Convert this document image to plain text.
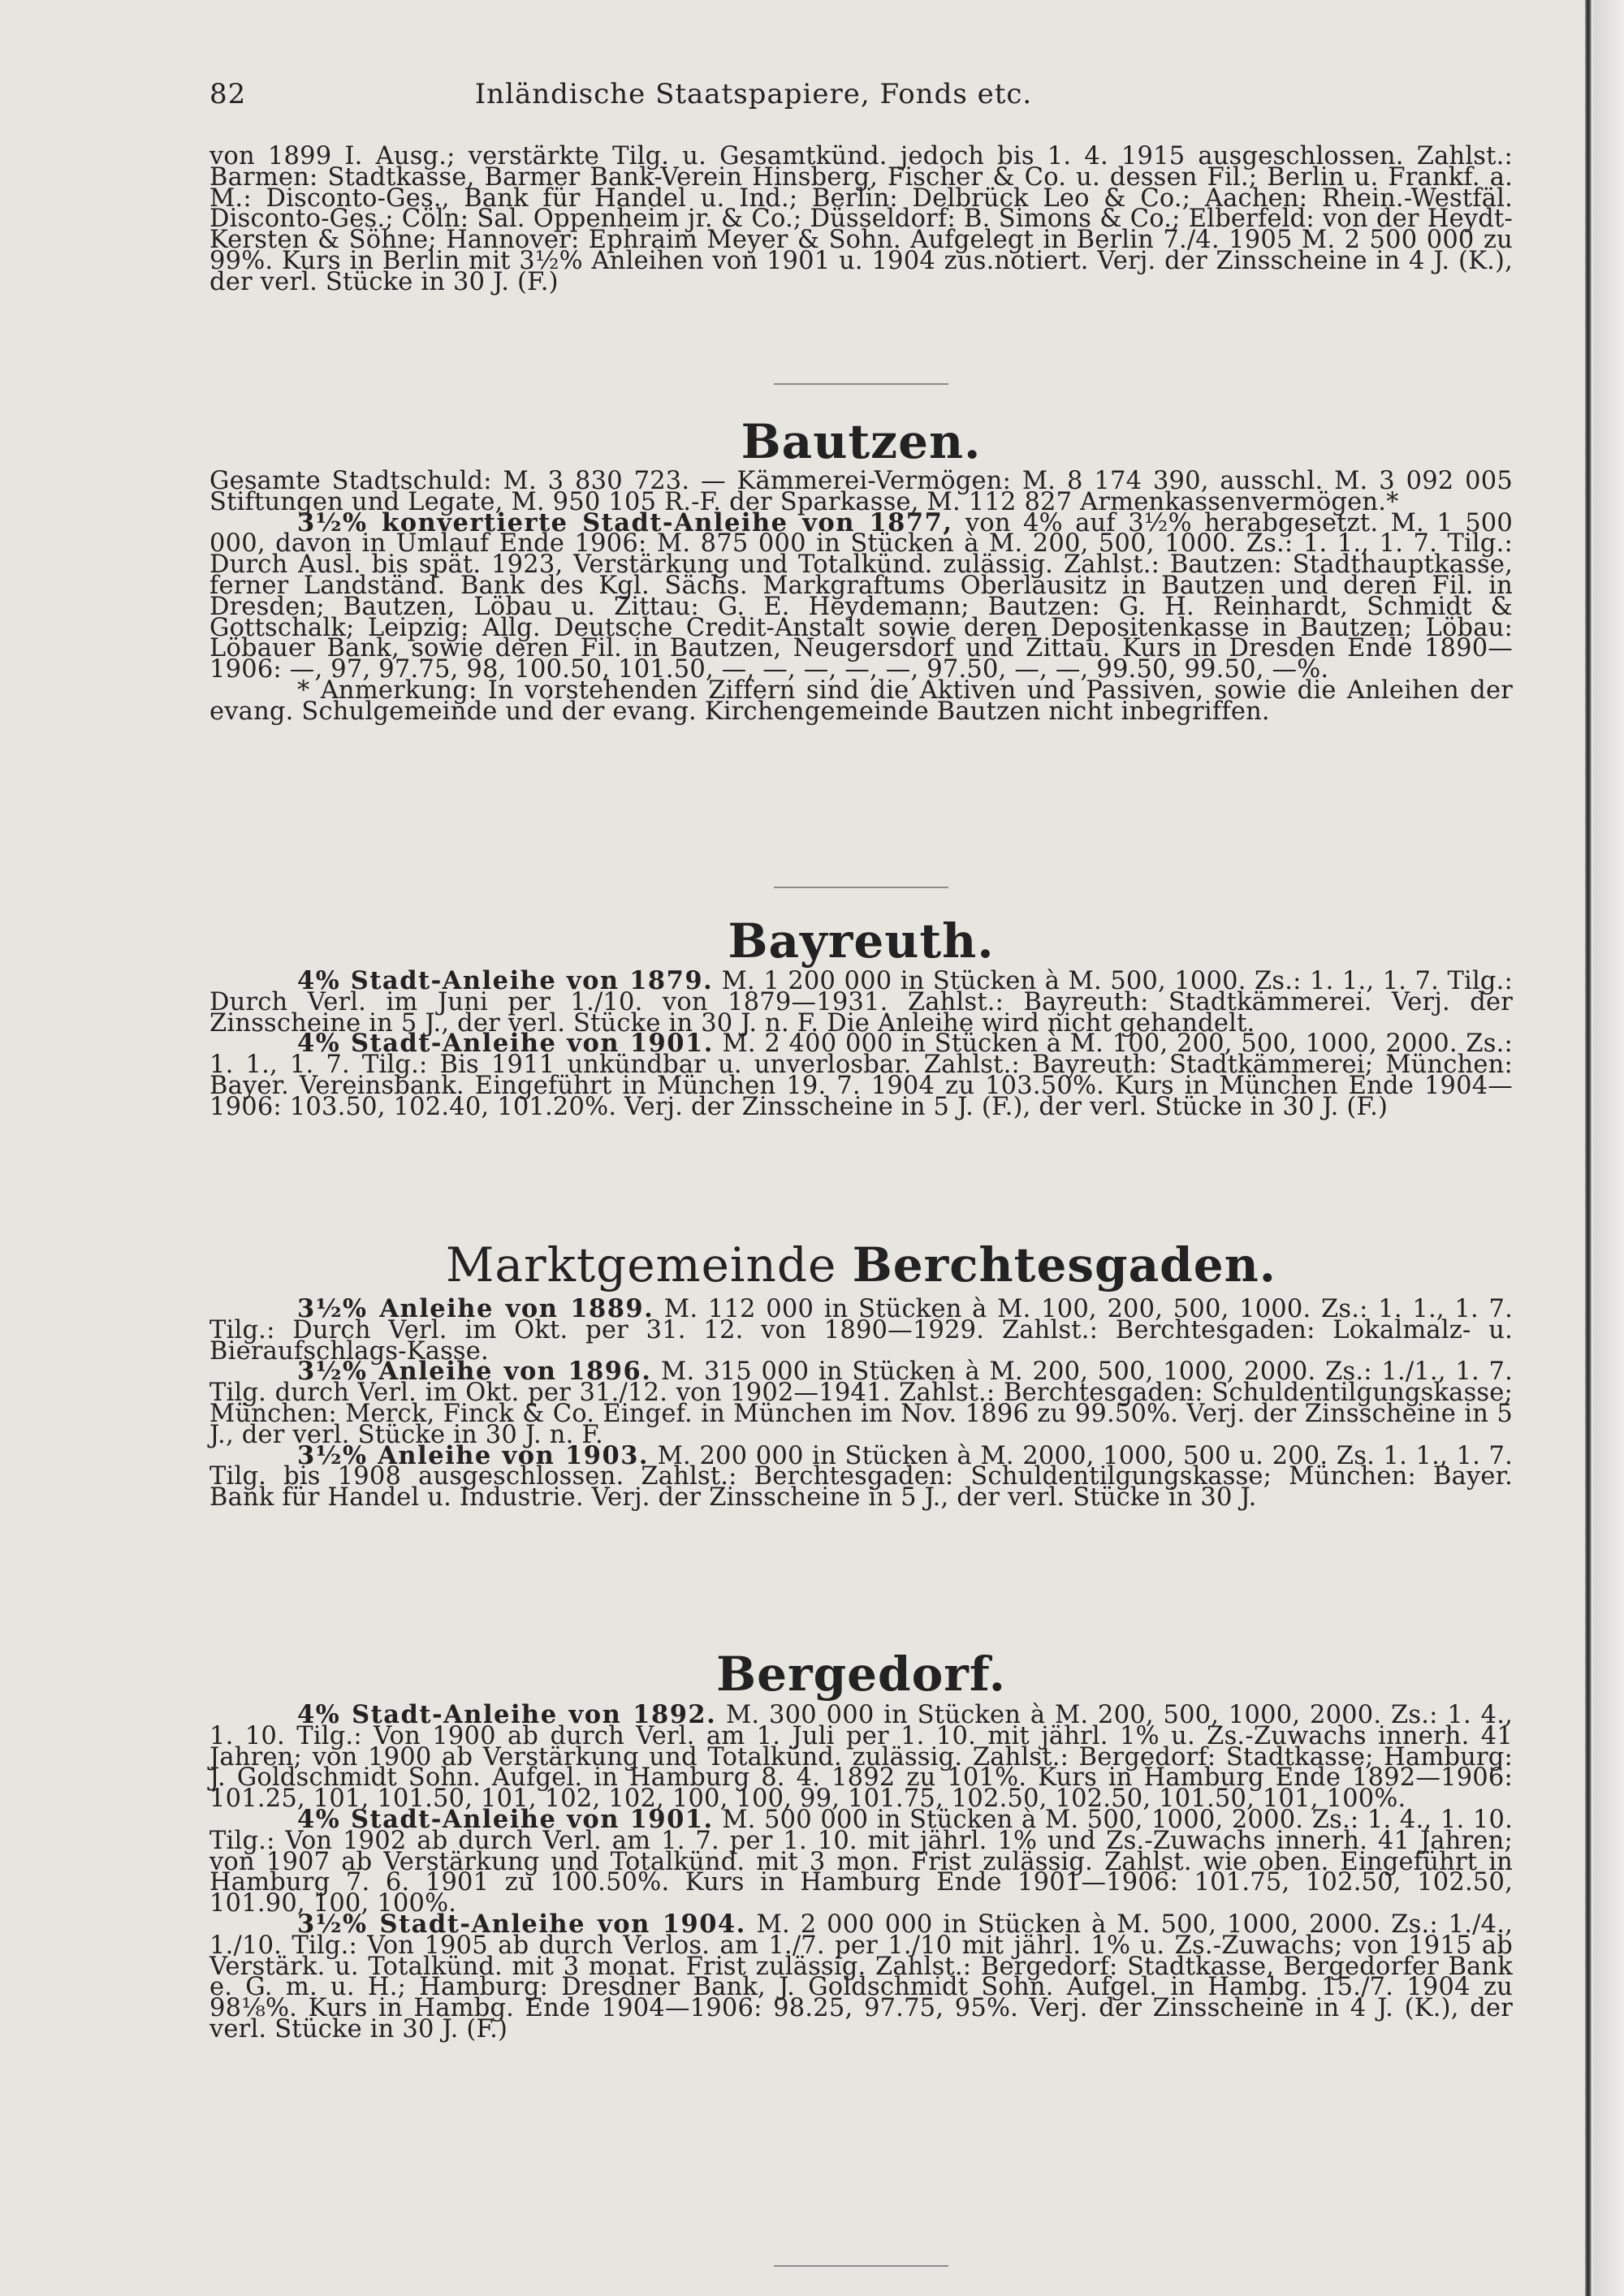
82	Inländische Staatspapiere, Fonds etc.

von 1899 I. Ausg.; verstärkte Tilg. u. Gesamtkünd. jedoch bis 1. 4. 1915 ausgeschlossen. Zahlst.: Barmen: Stadtkasse, Barmer Bank-Verein Hinsberg, Fischer & Co. u. dessen Fil.; Berlin u. Frankf. a. M.: Disconto-Ges., Bank für Handel u. Ind.; Berlin: Delbrück Leo & Co.; Aachen: Rhein.-Westfäl. Disconto-Ges.; Cöln: Sal. Oppenheim jr. & Co.; Düsseldorf: B. Simons & Co.; Elberfeld: von der Heydt-Kersten & Söhne; Hannover: Ephraim Meyer & Sohn. Aufgelegt in Berlin 7./4. 1905 M. 2 500 000 zu 99%. Kurs in Berlin mit 3½% Anleihen von 1901 u. 1904 zus.notiert. Verj. der Zinsscheine in 4 J. (K.), der verl. Stücke in 30 J. (F.)

Bautzen.

Gesamte Stadtschuld: M. 3 830 723. — Kämmerei-Vermögen: M. 8 174 390, ausschl. M. 3 092 005 Stiftungen und Legate, M. 950 105 R.-F. der Sparkasse, M. 112 827 Armenkassenvermögen.*

3½% konvertierte Stadt-Anleihe von 1877, von 4% auf 3½% herabgesetzt. M. 1 500 000, davon in Umlauf Ende 1906: M. 875 000 in Stücken à M. 200, 500, 1000. Zs.: 1. 1., 1. 7. Tilg.: Durch Ausl. bis spät. 1923, Verstärkung und Totalkünd. zulässig. Zahlst.: Bautzen: Stadthauptkasse, ferner Landständ. Bank des Kgl. Sächs. Markgraftums Oberlausitz in Bautzen und deren Fil. in Dresden; Bautzen, Löbau u. Zittau: G. E. Heydemann; Bautzen: G. H. Reinhardt, Schmidt & Gottschalk; Leipzig: Allg. Deutsche Credit-Anstalt sowie deren Depositenkasse in Bautzen; Löbau: Löbauer Bank, sowie deren Fil. in Bautzen, Neugersdorf und Zittau. Kurs in Dresden Ende 1890—1906: —, 97, 97.75, 98, 100.50, 101.50, —, —, —, —, —, 97.50, —, —, 99.50, 99.50, —%.

* Anmerkung: In vorstehenden Ziffern sind die Aktiven und Passiven, sowie die Anleihen der evang. Schulgemeinde und der evang. Kirchengemeinde Bautzen nicht inbegriffen.

Bayreuth.

4% Stadt-Anleihe von 1879. M. 1 200 000 in Stücken à M. 500, 1000. Zs.: 1. 1., 1. 7. Tilg.: Durch Verl. im Juni per 1./10. von 1879—1931. Zahlst.: Bayreuth: Stadtkämmerei. Verj. der Zinsscheine in 5 J., der verl. Stücke in 30 J. n. F. Die Anleihe wird nicht gehandelt.

4% Stadt-Anleihe von 1901. M. 2 400 000 in Stücken à M. 100, 200, 500, 1000, 2000. Zs.: 1. 1., 1. 7. Tilg.: Bis 1911 unkündbar u. unverlosbar. Zahlst.: Bayreuth: Stadtkämmerei; München: Bayer. Vereinsbank. Eingeführt in München 19. 7. 1904 zu 103.50%. Kurs in München Ende 1904—1906: 103.50, 102.40, 101.20%. Verj. der Zinsscheine in 5 J. (F.), der verl. Stücke in 30 J. (F.)

Marktgemeinde Berchtesgaden.

3½% Anleihe von 1889. M. 112 000 in Stücken à M. 100, 200, 500, 1000. Zs.: 1. 1., 1. 7. Tilg.: Durch Verl. im Okt. per 31. 12. von 1890—1929. Zahlst.: Berchtesgaden: Lokalmalz- u. Bieraufschlags-Kasse.

3½% Anleihe von 1896. M. 315 000 in Stücken à M. 200, 500, 1000, 2000. Zs.: 1./1., 1. 7. Tilg. durch Verl. im Okt. per 31./12. von 1902—1941. Zahlst.: Berchtesgaden: Schuldentilgungskasse; München: Merck, Finck & Co. Eingef. in München im Nov. 1896 zu 99.50%. Verj. der Zinsscheine in 5 J., der verl. Stücke in 30 J. n. F.

3½% Anleihe von 1903. M. 200 000 in Stücken à M. 2000, 1000, 500 u. 200. Zs. 1. 1., 1. 7. Tilg. bis 1908 ausgeschlossen. Zahlst.: Berchtesgaden: Schuldentilgungskasse; München: Bayer. Bank für Handel u. Industrie. Verj. der Zinsscheine in 5 J., der verl. Stücke in 30 J.

Bergedorf.

4% Stadt-Anleihe von 1892. M. 300 000 in Stücken à M. 200, 500, 1000, 2000. Zs.: 1. 4., 1. 10. Tilg.: Von 1900 ab durch Verl. am 1. Juli per 1. 10. mit jährl. 1% u. Zs.-Zuwachs innerh. 41 Jahren; von 1900 ab Verstärkung und Totalkünd. zulässig. Zahlst.: Bergedorf: Stadtkasse; Hamburg: J. Goldschmidt Sohn. Aufgel. in Hamburg 8. 4. 1892 zu 101%. Kurs in Hamburg Ende 1892—1906: 101.25, 101, 101.50, 101, 102, 102, 100, 100, 99, 101.75, 102.50, 102.50, 101.50, 101, 100%.

4% Stadt-Anleihe von 1901. M. 500 000 in Stücken à M. 500, 1000, 2000. Zs.: 1. 4., 1. 10. Tilg.: Von 1902 ab durch Verl. am 1. 7. per 1. 10. mit jährl. 1% und Zs.-Zuwachs innerh. 41 Jahren; von 1907 ab Verstärkung und Totalkünd. mit 3 mon. Frist zulässig. Zahlst. wie oben. Eingeführt in Hamburg 7. 6. 1901 zu 100.50%. Kurs in Hamburg Ende 1901—1906: 101.75, 102.50, 102.50, 101.90, 100, 100%.

3½% Stadt-Anleihe von 1904. M. 2 000 000 in Stücken à M. 500, 1000, 2000. Zs.: 1./4., 1./10. Tilg.: Von 1905 ab durch Verlos. am 1./7. per 1./10 mit jährl. 1% u. Zs.-Zuwachs; von 1915 ab Verstärk. u. Totalkünd. mit 3 monat. Frist zulässig. Zahlst.: Bergedorf: Stadtkasse, Bergedorfer Bank e. G. m. u. H.; Hamburg: Dresdner Bank, J. Goldschmidt Sohn. Aufgel. in Hambg. 15./7. 1904 zu 98⅛%. Kurs in Hambg. Ende 1904—1906: 98.25, 97.75, 95%. Verj. der Zinsscheine in 4 J. (K.), der verl. Stücke in 30 J. (F.)
